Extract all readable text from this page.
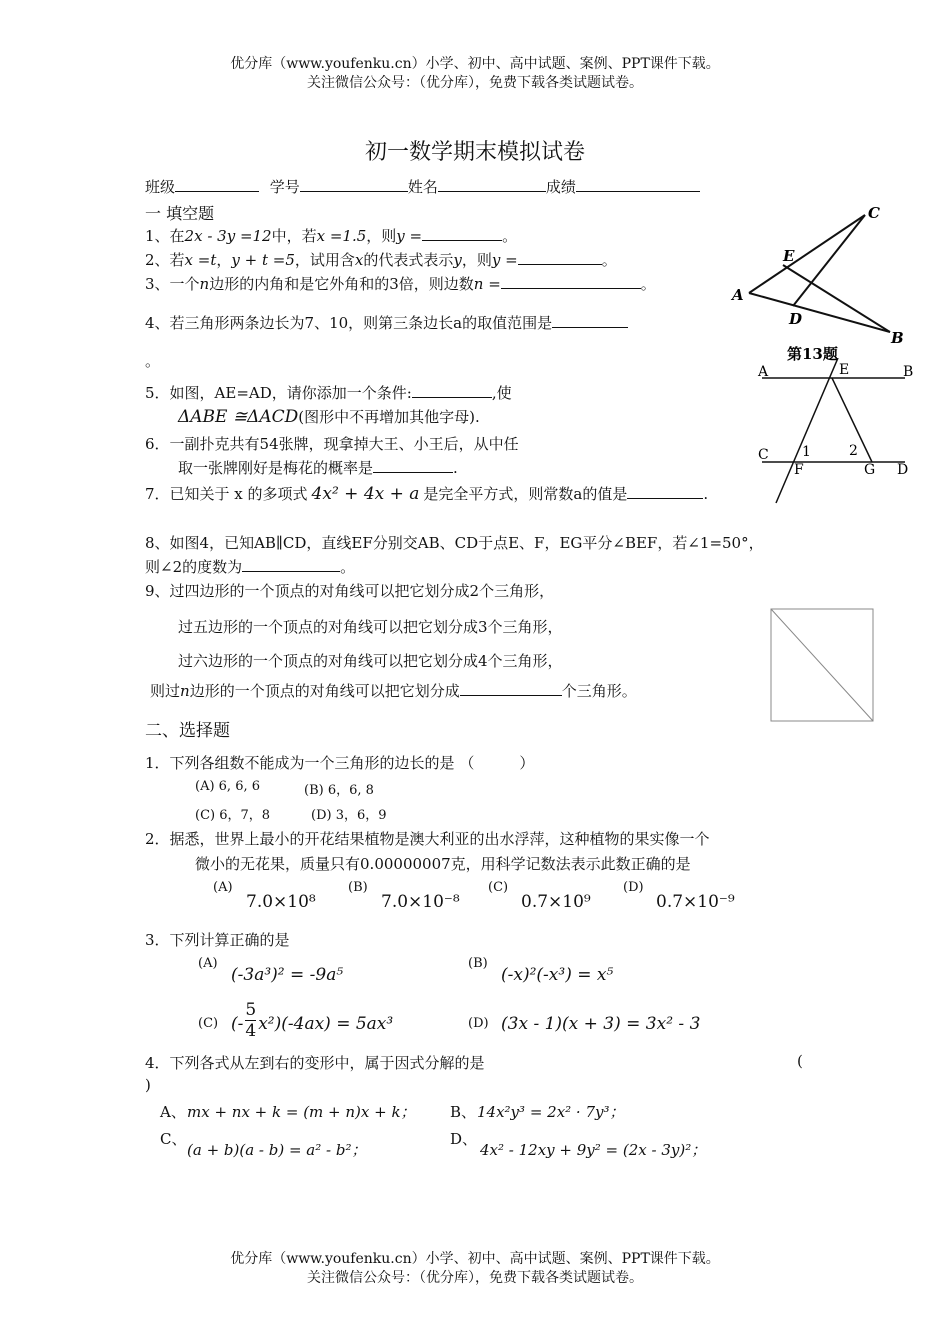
优分库（www.youfenku.cn）小学、初中、高中试题、案例、PPT课件下载。
关注微信公众号：（优分库），免费下载各类试题试卷。
初一数学期末模拟试卷
班级	学号	姓名	成绩
一 填空题
1、在2x - 3y =12中，若x =1.5，则y =	。
2、若x =t，y + t =5，试用含x的代表式表示y，则y =	。
3、一个n边形的内角和是它外角和的3倍，则边数n =	。
4、若三角形两条边长为7、10，则第三条边长a的取值范围是
。
5．如图，AE=AD，请你添加一个条件:	,使
ΔABE ≅ΔACD(图形中不再增加其他字母).
6．一副扑克共有54张牌，现拿掉大王、小王后，从中任
取一张牌刚好是梅花的概率是	.
7．已知关于 x 的多项式 4x² + 4x + a 是完全平方式，则常数a的值是	.
8、如图4，已知AB∥CD，直线EF分别交AB、CD于点E、F，EG平分∠BEF，若∠1=50°，
则∠2的度数为	。
9、过四边形的一个顶点的对角线可以把它划分成2个三角形，
过五边形的一个顶点的对角线可以把它划分成3个三角形，
过六边形的一个顶点的对角线可以把它划分成4个三角形，
则过n边形的一个顶点的对角线可以把它划分成	个三角形。
C
E
A
D
B
第13题
A	E	B
C 1	2
F	G D
二、选择题
1．下列各组数不能成为一个三角形的边长的是 （　　　）
(A) 6, 6, 6	(B) 6，6, 8
(C) 6，7，8	(D) 3，6，9
2．据悉，世界上最小的开花结果植物是澳大利亚的出水浮萍，这种植物的果实像一个
微小的无花果，质量只有0.00000007克，用科学记数法表示此数正确的是
(A)
7.0×10⁸
(B)
7.0×10⁻⁸
(C)
0.7×10⁹
(D)
0.7×10⁻⁹
3．下列计算正确的是
(A)
(-3a³)² = -9a⁵
(B)
(-x)²(-x³) = x⁵
(C) (- $\frac{5}{4} x^2)(-4ax) = 5ax^3$	(D) (3x - 1)(x + 3) = 3x² - 3
4．下列各式从左到右的变形中，属于因式分解的是	(
)
A、 mx + nx + k = (m + n)x + k； B、 14x²y³ = 2x² · 7y³；
C、
(a + b)(a - b) = a² - b²；
D、
4x² - 12xy + 9y² = (2x - 3y)²；
优分库（www.youfenku.cn）小学、初中、高中试题、案例、PPT课件下载。
关注微信公众号：（优分库），免费下载各类试题试卷。
